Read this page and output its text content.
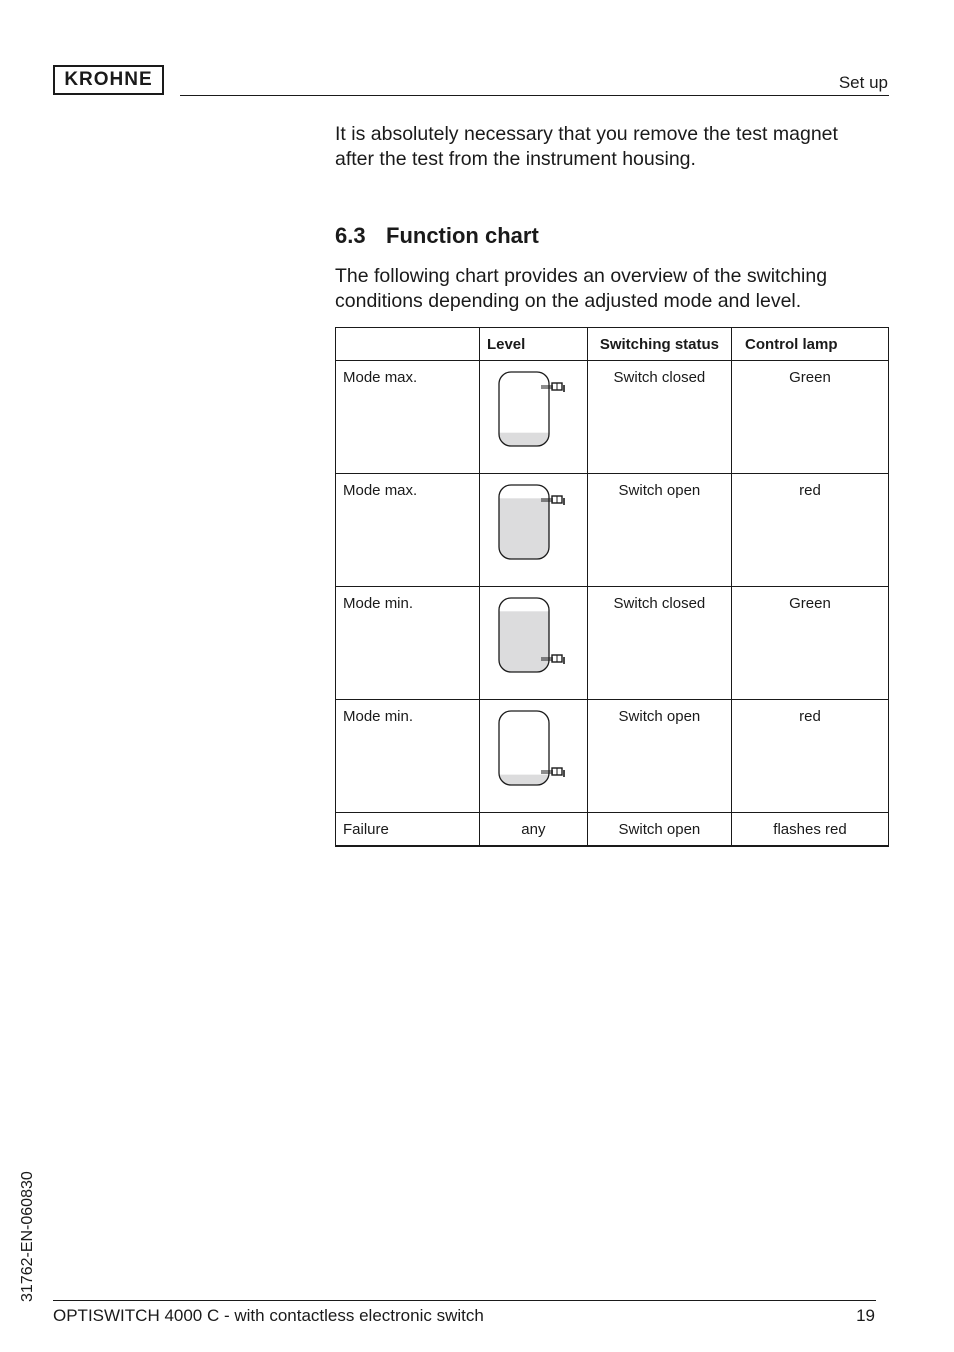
KROHNE	Set up

It is absolutely necessary that you remove the test magnet after the test from the instrument housing.

6.3 Function chart

The following chart provides an overview of the switching conditions depending on the adjusted mode and level.

	Level	Switching status	Control lamp
Mode max.		Switch closed	Green
Mode max.		Switch open	red
Mode min.		Switch closed	Green
Mode min.		Switch open	red
Failure	any	Switch open	flashes red
31762-EN-060830
OPTISWITCH 4000 C - with contactless electronic switch	19
